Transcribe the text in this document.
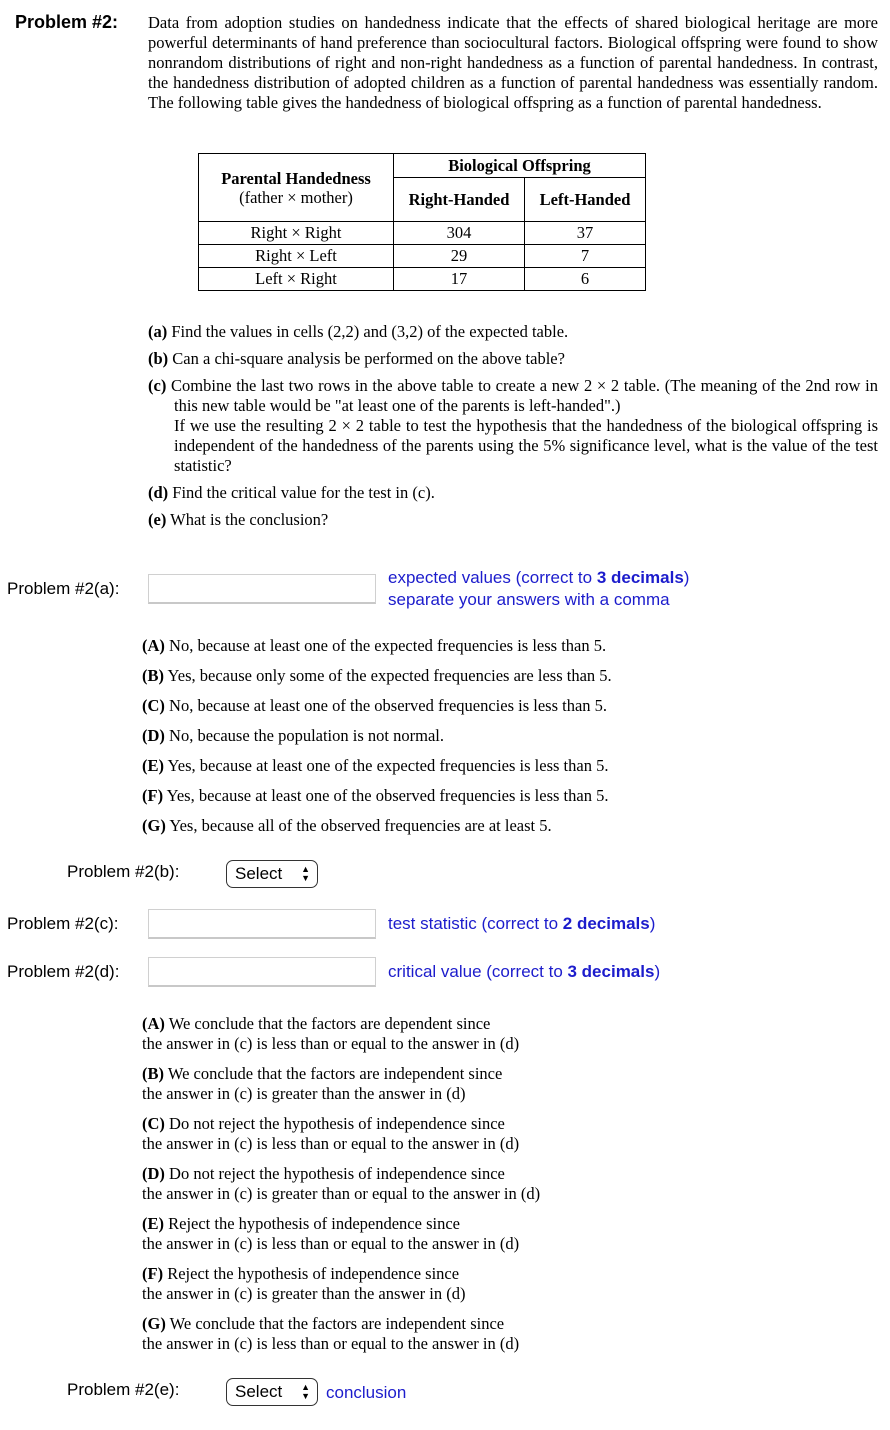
Problem #2: Data from adoption studies on handedness indicate that the effects of shared biological heritage are more powerful determinants of hand preference than sociocultural factors. Biological offspring were found to show nonrandom distributions of right and non-right handedness as a function of parental handedness. In contrast, the handedness distribution of adopted children as a function of parental handedness was essentially random. The following table gives the handedness of biological offspring as a function of parental handedness.
Parental Handedness
(father × mother)	Biological Offspring	
	Right-Handed	Left-Handed
Right × Right	304	37
Right × Left	29	7
Left × Right	17	6
(a) Find the values in cells (2,2) and (3,2) of the expected table.
(b) Can a chi-square analysis be performed on the above table?
(c) Combine the last two rows in the above table to create a new 2 × 2 table. (The meaning of the 2nd row in this new table would be "at least one of the parents is left-handed".)
If we use the resulting 2 × 2 table to test the hypothesis that the handedness of the biological offspring is independent of the handedness of the parents using the 5% significance level, what is the value of the test statistic?
(d) Find the critical value for the test in (c).
(e) What is the conclusion?
Problem #2(a):
expected values (correct to 3 decimals)
separate your answers with a comma
(A) No, because at least one of the expected frequencies is less than 5.
(B) Yes, because only some of the expected frequencies are less than 5.
(C) No, because at least one of the observed frequencies is less than 5.
(D) No, because the population is not normal.
(E) Yes, because at least one of the expected frequencies is less than 5.
(F) Yes, because at least one of the observed frequencies is less than 5.
(G) Yes, because all of the observed frequencies are at least 5.
Problem #2(b):	Select ▲
▼
Problem #2(c):	test statistic (correct to 2 decimals)
Problem #2(d):	critical value (correct to 3 decimals)
(A) We conclude that the factors are dependent since
the answer in (c) is less than or equal to the answer in (d)
(B) We conclude that the factors are independent since
the answer in (c) is greater than the answer in (d)
(C) Do not reject the hypothesis of independence since
the answer in (c) is less than or equal to the answer in (d)
(D) Do not reject the hypothesis of independence since
the answer in (c) is greater than or equal to the answer in (d)
(E) Reject the hypothesis of independence since
the answer in (c) is less than or equal to the answer in (d)
(F) Reject the hypothesis of independence since
the answer in (c) is greater than the answer in (d)
(G) We conclude that the factors are independent since
the answer in (c) is less than or equal to the answer in (d)
Problem #2(e):	Select ▲
▼ conclusion
